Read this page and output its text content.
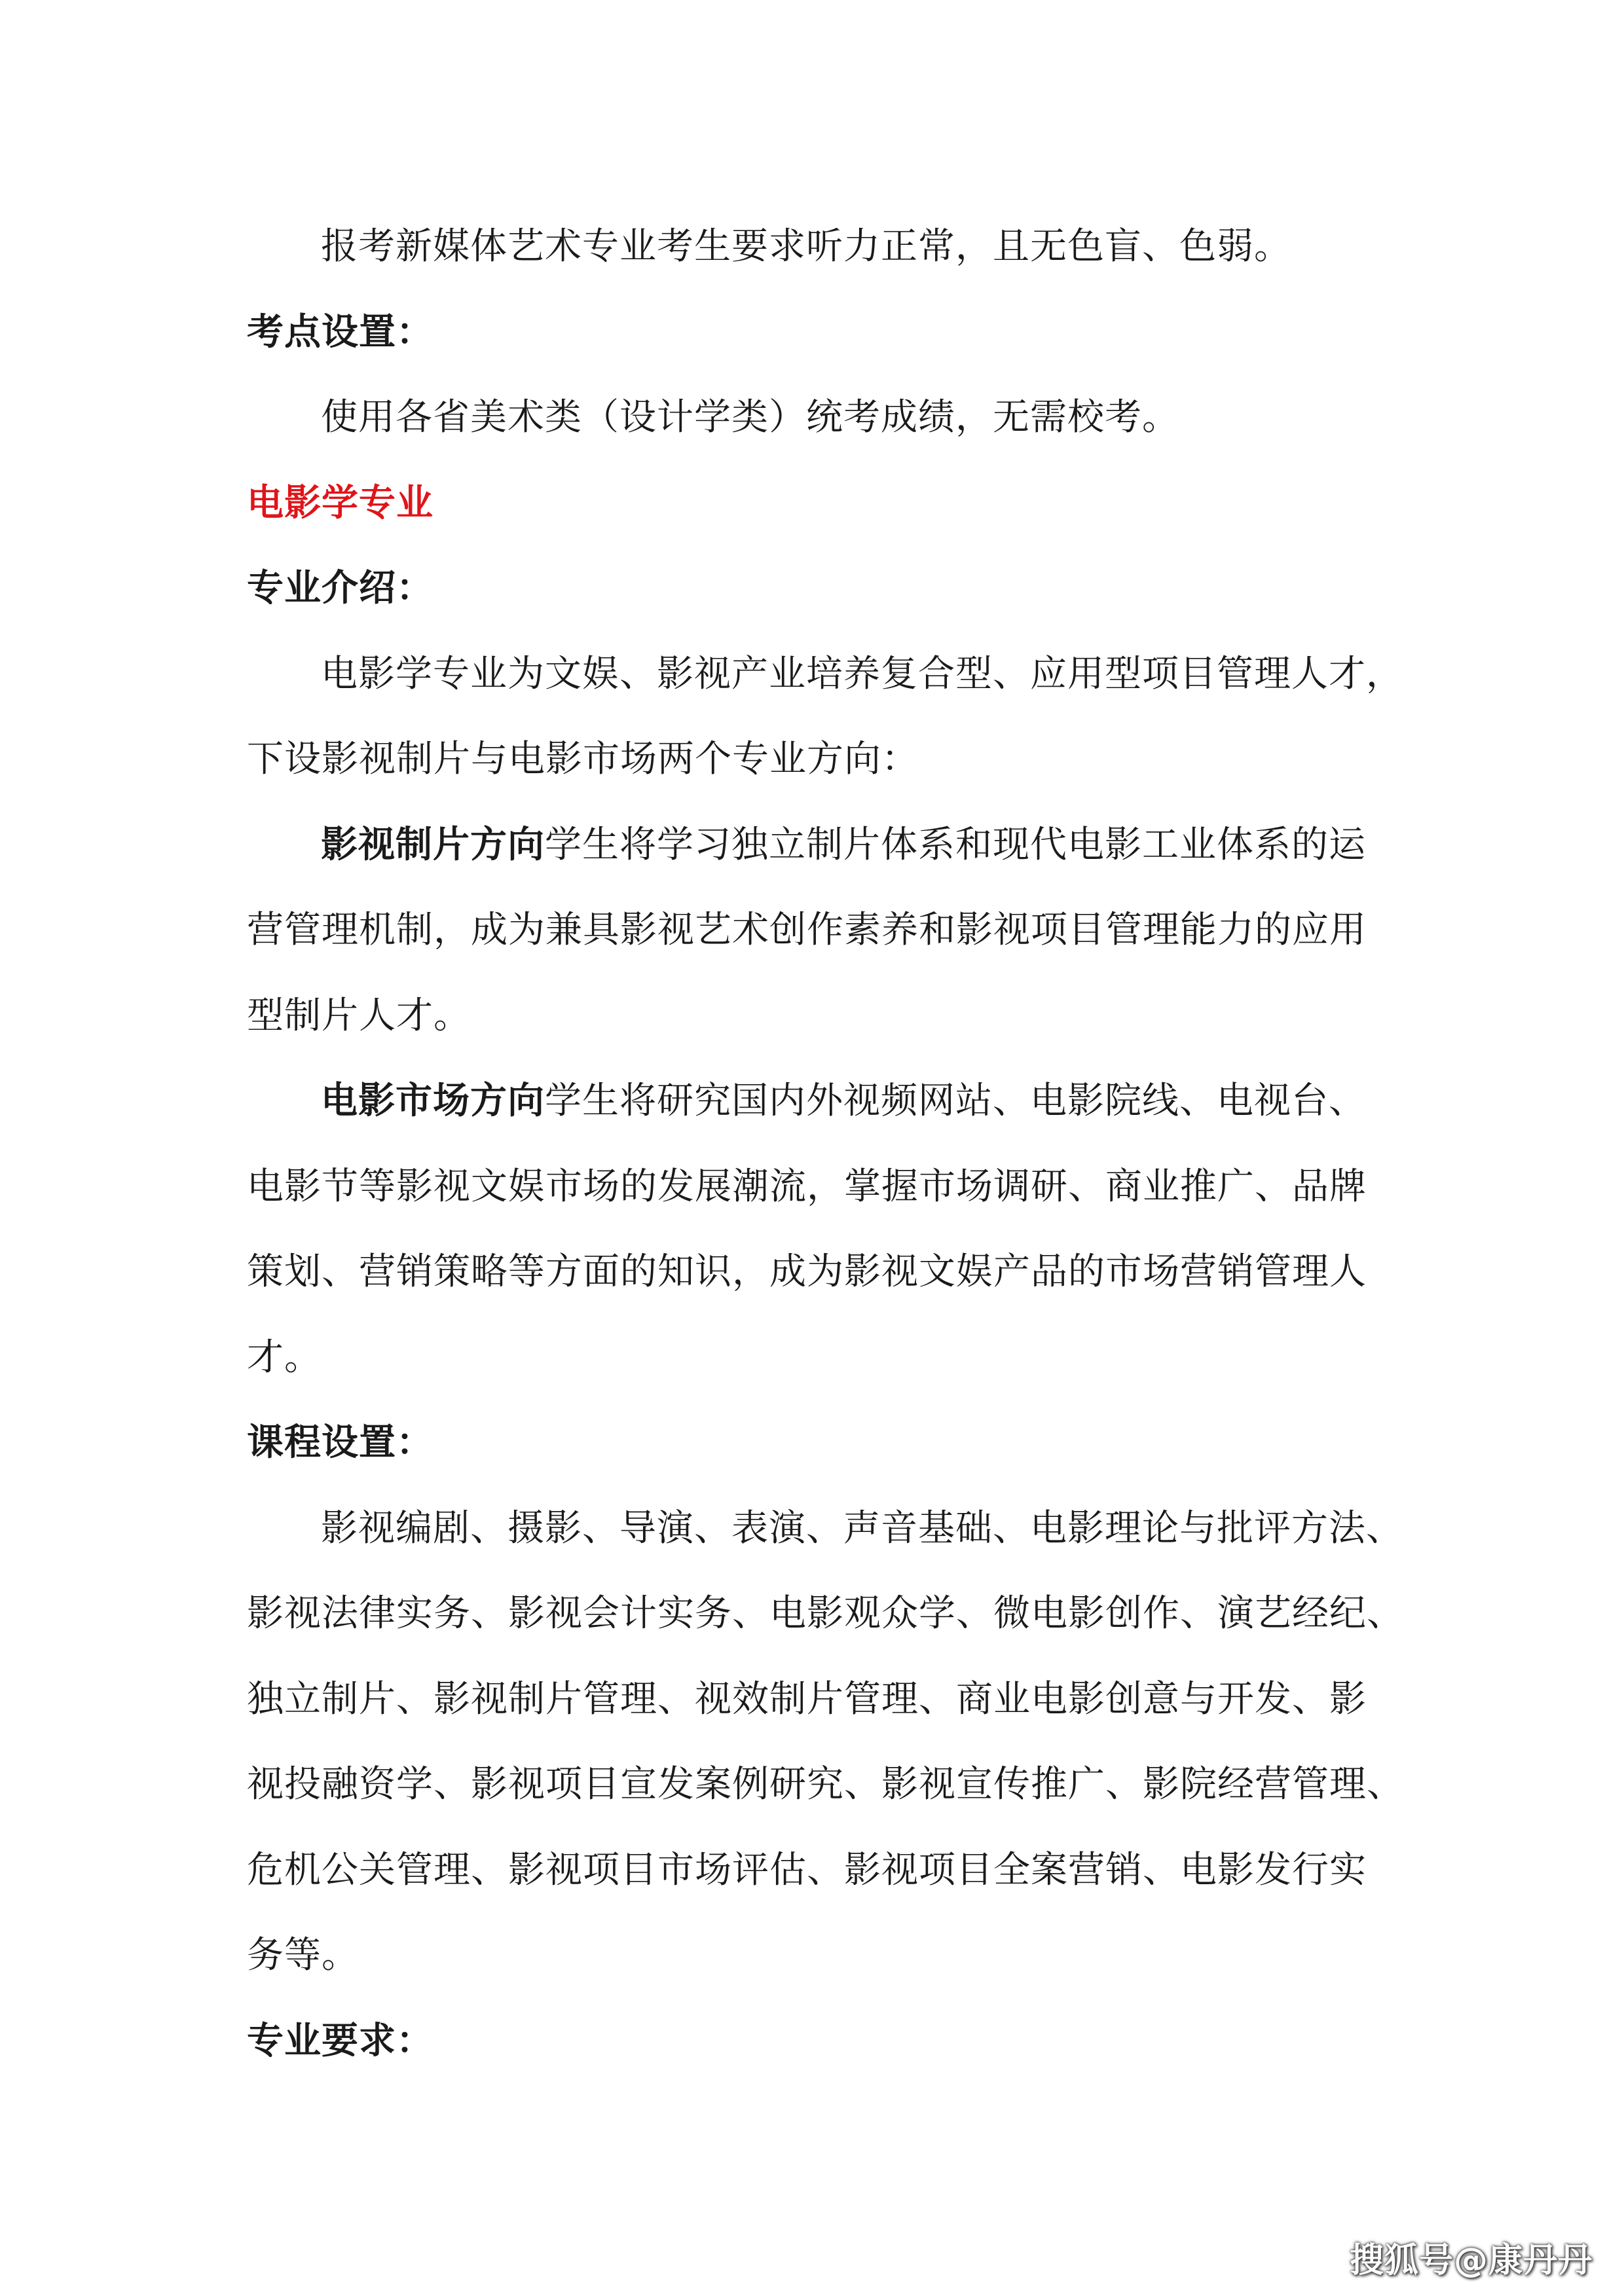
报考新媒体艺术专业考生要求听力正常，且无色盲、色弱。
考点设置：
使用各省美术类（设计学类）统考成绩，无需校考。
电影学专业
专业介绍：
电影学专业为文娱、影视产业培养复合型、应用型项目管理人才，
下设影视制片与电影市场两个专业方向：
影视制片方向学生将学习独立制片体系和现代电影工业体系的运
营管理机制，成为兼具影视艺术创作素养和影视项目管理能力的应用
型制片人才。
电影市场方向学生将研究国内外视频网站、电影院线、电视台、
电影节等影视文娱市场的发展潮流，掌握市场调研、商业推广、品牌
策划、营销策略等方面的知识，成为影视文娱产品的市场营销管理人
才。
课程设置：
影视编剧、摄影、导演、表演、声音基础、电影理论与批评方法、
影视法律实务、影视会计实务、电影观众学、微电影创作、演艺经纪、
独立制片、影视制片管理、视效制片管理、商业电影创意与开发、影
视投融资学、影视项目宣发案例研究、影视宣传推广、影院经营管理、
危机公关管理、影视项目市场评估、影视项目全案营销、电影发行实
务等。
专业要求：
搜狐号@康丹丹
